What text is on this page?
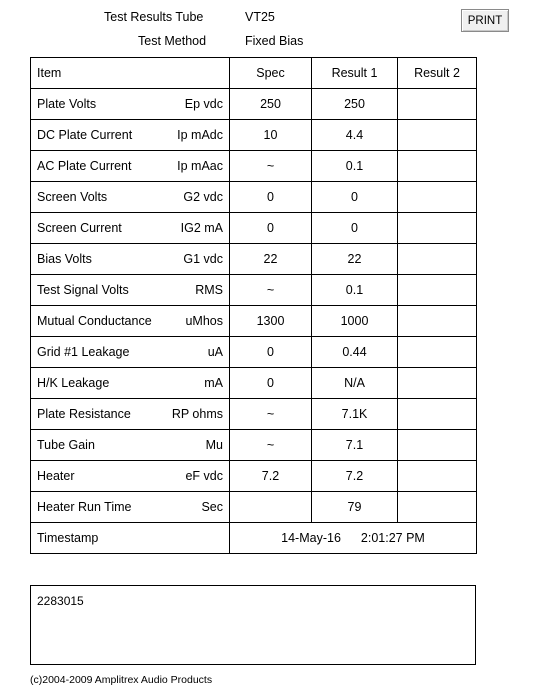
Test Results Tube	VT25
Test Method	Fixed Bias
PRINT
Item	Spec	Result 1	Result 2

Plate Volts Ep vdc	250	250	

DC Plate Current Ip mAdc	10	4.4	

AC Plate Current Ip mAac	~	0.1	

Screen Volts G2 vdc	0	0	

Screen Current IG2 mA	0	0	

Bias Volts G1 vdc	22	22	

Test Signal Volts RMS	~	0.1	

Mutual Conductance uMhos	1300	1000	

Grid #1 Leakage uA	0	0.44	

H/K Leakage mA	0	N/A	

Plate Resistance RP ohms	~	7.1K	

Tube Gain Mu	~	7.1	

Heater eF vdc	7.2	7.2	

Heater Run Time Sec		79	
Timestamp	14-May-16 2:01:27 PM		
2283015
(c)2004-2009 Amplitrex Audio Products
